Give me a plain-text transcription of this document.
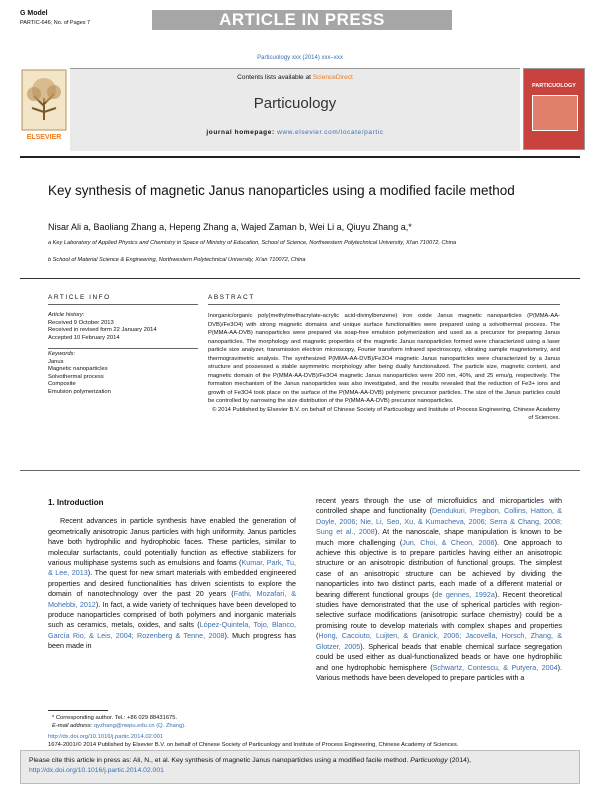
G Model
PARTIC-646; No. of Pages 7	ARTICLE IN PRESS
Particuology xxx (2014) xxx–xxx
ELSEVIER
Contents lists available at ScienceDirect
Particuology
journal homepage: www.elsevier.com/locate/partic
PARTICUOLOGY
Key synthesis of magnetic Janus nanoparticles using a modified facile method
Nisar Ali a, Baoliang Zhang a, Hepeng Zhang a, Wajed Zaman b, Wei Li a, Qiuyu Zhang a,*
a Key Laboratory of Applied Physics and Chemistry in Space of Ministry of Education, School of Science, Northwestern Polytechnical University, Xi'an 710072, China
b School of Material Science & Engineering, Northwestern Polytechnical University, Xi'an 710072, China
ARTICLE INFO	ABSTRACT
Article history:
Received 9 October 2013
Received in revised form 22 January 2014
Accepted 10 February 2014
Keywords:
Janus
Magnetic nanoparticles
Solvothermal process
Composite
Emulsion polymerization
Inorganic/organic poly(methylmethacrylate-acrylic acid-divinylbenzene) iron oxide Janus magnetic nanoparticles (P(MMA-AA-DVB)/Fe3O4) with strong magnetic domains and unique surface functionalities were prepared using a solvothermal process. The P(MMA-AA-DVB) nanoparticles were prepared via soap-free emulsion polymerization and used as a precursor for preparing Janus nanoparticles. The morphology and magnetic properties of the magnetic Janus nanoparticles formed were characterized using a laser particle size analyzer, transmission electron microscopy, Fourier transform infrared spectroscopy, vibrating sample magnetometry, and thermogravimetric analysis. The synthesized P(MMA-AA-DVB)/Fe3O4 magnetic Janus nanoparticles were characterized by a Janus structure and possessed a stable asymmetric morphology after being dually functionalized. The particle size, magnetic content, and magnetic domain of the P(MMA-AA-DVB)/Fe3O4 magnetic Janus nanoparticles were 200 nm, 40%, and 25 emu/g, respectively. The formation mechanism of the Janus nanoparticles was also investigated, and the results revealed that the reduction of Fe3+ ions and growth of Fe3O4 took place on the surface of the P(MMA-AA-DVB) polymeric precursor particles. The size of the Janus particles could be controlled by narrowing the size distribution of the P(MMA-AA-DVB) precursor nanoparticles.
© 2014 Published by Elsevier B.V. on behalf of Chinese Society of Particuology and Institute of Process Engineering, Chinese Academy of Sciences.
1. Introduction

Recent advances in particle synthesis have enabled the generation of geometrically anisotropic Janus particles with high uniformity. Janus particles have both hydrophilic and hydrophobic faces. These particles, similar to molecular surfactants, could potentially function as effective stabilizers for various multiphase systems such as emulsions and foams (Kumar, Park, Tu, & Lee, 2013). The quest for new smart materials with embedded engineered properties and desired functionalities has driven scientists to explore the domain of nanotechnology over the past 20 years (Fathi, Mozafari, & Mohebbi, 2012). In fact, a wide variety of techniques have been developed to produce nanoparticles comprised of both polymers and inorganic materials such as ceramics, metals, oxides, and salts (López-Quintela, Tojo, Blanco, García Rio, & Leis, 2004; Rozenberg & Tenne, 2008). Much progress has been made in

recent years through the use of microfluidics and microparticles with controlled shape and functionality (Dendukuri, Pregibon, Collins, Hatton, & Doyle, 2006; Nie, Li, Seo, Xu, & Kumacheva, 2006; Serra & Chang, 2008; Sung et al., 2008). At the nanoscale, shape manipulation is known to be much more challenging (Jun, Choi, & Cheon, 2006). One approach to achieve this objective is to prepare particles having either an anisotropic structure or an anisotropic distribution of functional groups. The simplest case of an anisotropic structure can be achieved by dividing the nanoparticles into two distinct parts, each made of a different material or bearing different functional groups (de gennes, 1992a). Recent theoretical studies have demonstrated that the use of spherical particles with region-selective surface modifications (anisotropic surface chemistry) could be a promising route to develop materials with complex shapes and properties (Hong, Cacciuto, Luijten, & Granick, 2006; Jacovella, Horsch, Zhang, & Glotzer, 2005). Spherical beads that enable chemical surface segregation could be used either as dual-functionalized beads or have one hydrophilic and one hydrophobic hemisphere (Schwartz, Contescu, & Putyera, 2004). Various methods have been developed to prepare particles with a

* Corresponding author. Tel.: +86 029 88431675.
E-mail address: qyzhang@nwpu.edu.cn (Q. Zhang).
http://dx.doi.org/10.1016/j.partic.2014.02.001
1674-2001/© 2014 Published by Elsevier B.V. on behalf of Chinese Society of Particuology and Institute of Process Engineering, Chinese Academy of Sciences.
Please cite this article in press as: Ali, N., et al. Key synthesis of magnetic Janus nanoparticles using a modified facile method. Particuology (2014), http://dx.doi.org/10.1016/j.partic.2014.02.001
